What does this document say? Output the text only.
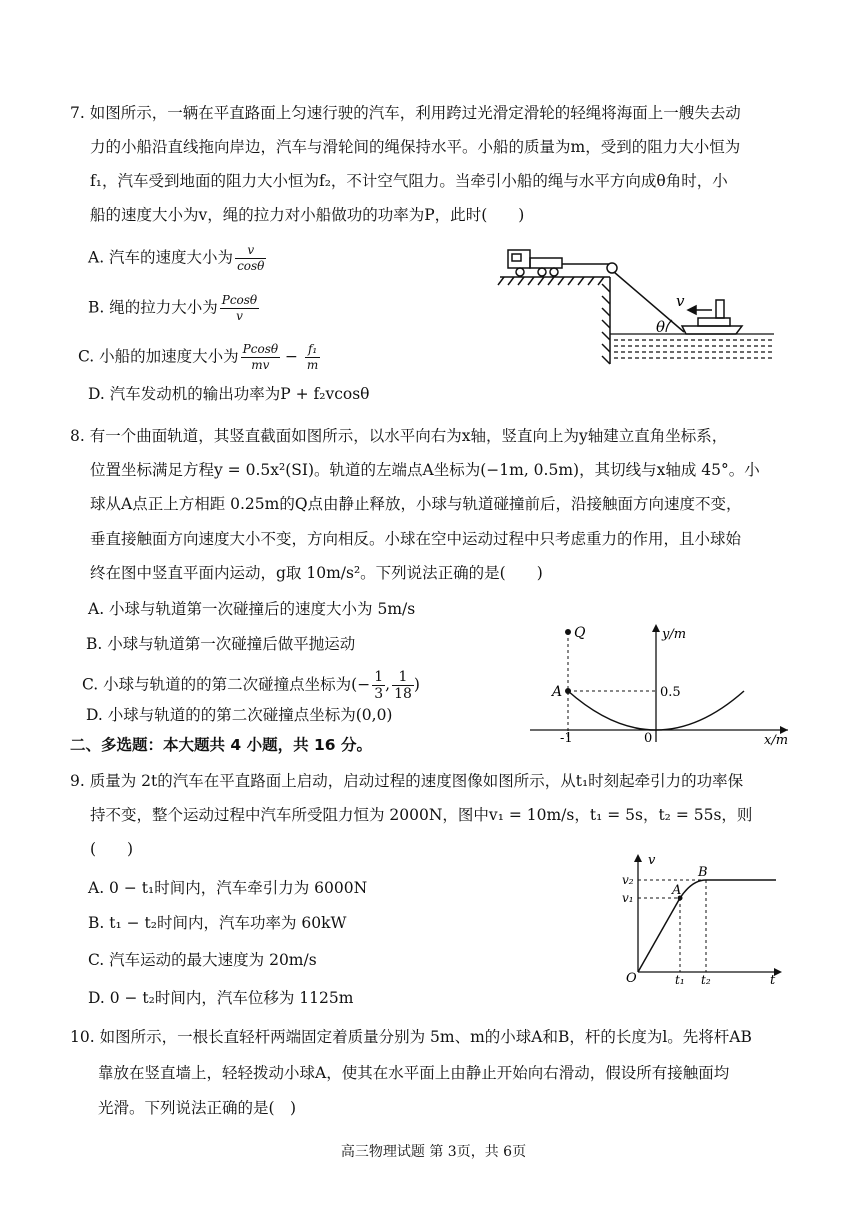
7. 如图所示，一辆在平直路面上匀速行驶的汽车，利用跨过光滑定滑轮的轻绳将海面上一艘失去动
力的小船沿直线拖向岸边，汽车与滑轮间的绳保持水平。小船的质量为m，受到的阻力大小恒为
f₁，汽车受到地面的阻力大小恒为f₂，不计空气阻力。当牵引小船的绳与水平方向成θ角时，小
船的速度大小为v，绳的拉力对小船做功的功率为P，此时(　　)
A. 汽车的速度大小为 $\frac{v}{\cos\theta}$
B. 绳的拉力大小为 $\frac{Pcos\theta}{v}$
C. 小船的加速度大小为 $\frac{Pcos\theta}{mv} - \frac{\text{f₁}}{m}$
D. 汽车发动机的输出功率为P + f₂vcosθ
θ
v
8. 有一个曲面轨道，其竖直截面如图所示，以水平向右为x轴，竖直向上为y轴建立直角坐标系，
位置坐标满足方程y = 0.5x²(SI)。轨道的左端点A坐标为(−1m, 0.5m)，其切线与x轴成 45°。小
球从A点正上方相距 0.25m的Q点由静止释放，小球与轨道碰撞前后，沿接触面方向速度不变，
垂直接触面方向速度大小不变，方向相反。小球在空中运动过程中只考虑重力的作用，且小球始
终在图中竖直平面内运动，g取 10m/s²。下列说法正确的是(　　)
A. 小球与轨道第一次碰撞后的速度大小为 5m/s
B. 小球与轨道第一次碰撞后做平抛运动
C. 小球与轨道的的第二次碰撞点坐标为(− $\frac{1}{3}$ , $\frac{1}{18}$ )
D. 小球与轨道的的第二次碰撞点坐标为(0,0)
Q
A
y/m
x/m
0.5
-1	0
二、多选题：本大题共 4 小题，共 16 分。
9. 质量为 2t的汽车在平直路面上启动，启动过程的速度图像如图所示，从t₁时刻起牵引力的功率保
持不变，整个运动过程中汽车所受阻力恒为 2000N，图中v₁ = 10m/s，t₁ = 5s，t₂ = 55s，则
(　　)
A. 0 − t₁时间内，汽车牵引力为 6000N
B. t₁ − t₂时间内，汽车功率为 60kW
C. 汽车运动的最大速度为 20m/s
D. 0 − t₂时间内，汽车位移为 1125m
v
v₂
v₁	A
B
O	t₁ t₂	t
10. 如图所示，一根长直轻杆两端固定着质量分别为 5m、m的小球A和B，杆的长度为l。先将杆AB
靠放在竖直墙上，轻轻拨动小球A，使其在水平面上由静止开始向右滑动，假设所有接触面均
光滑。下列说法正确的是(　)
高三物理试题 第 3页，共 6页
